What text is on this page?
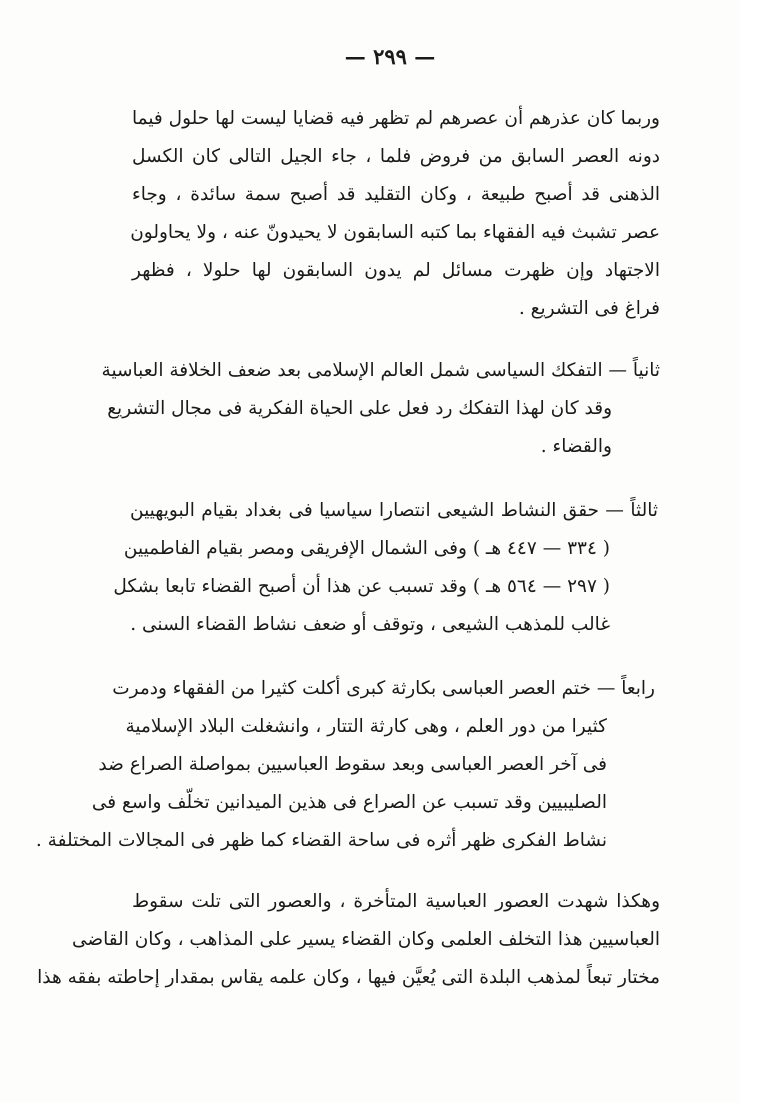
— ٢٩٩ —
وربما كان عذرهم أن عصرهم لم تظهر فيه قضايا ليست لها حلول فيما
دونه العصر السابق من فروض فلما ، جاء الجيل التالى كان الكسل
الذهنى قد أصبح طبيعة ، وكان التقليد قد أصبح سمة سائدة ، وجاء
عصر تشبث فيه الفقهاء بما كتبه السابقون لا يحيدونّ عنه ، ولا يحاولون
الاجتهاد وإن ظهرت مسائل لم يدون السابقون لها حلولا ، فظهر
فراغ فى التشريع .
ثانياً — التفكك السياسى شمل العالم الإسلامى بعد ضعف الخلافة العباسية
وقد كان لهذا التفكك رد فعل على الحياة الفكرية فى مجال التشريع
والقضاء .
ثالثاً — حقق النشاط الشيعى انتصارا سياسيا فى بغداد بقيام البويهيين
( ٣٣٤ — ٤٤٧ هـ ) وفى الشمال الإفريقى ومصر بقيام الفاطميين
( ٢٩٧ — ٥٦٤ هـ ) وقد تسبب عن هذا أن أصبح القضاء تابعا بشكل
غالب للمذهب الشيعى ، وتوقف أو ضعف نشاط القضاء السنى .
رابعاً — ختم العصر العباسى بكارثة كبرى أكلت كثيرا من الفقهاء ودمرت
كثيرا من دور العلم ، وهى كارثة التتار ، وانشغلت البلاد الإسلامية
فى آخر العصر العباسى وبعد سقوط العباسيين بمواصلة الصراع ضد
الصليبيين وقد تسبب عن الصراع فى هذين الميدانين تخلّف واسع فى
نشاط الفكرى ظهر أثره فى ساحة القضاء كما ظهر فى المجالات المختلفة .
وهكذا شهدت العصور العباسية المتأخرة ، والعصور التى تلت سقوط
العباسيين هذا التخلف العلمى وكان القضاء يسير على المذاهب ، وكان القاضى
مختار تبعاً لمذهب البلدة التى يُعيَّن فيها ، وكان علمه يقاس بمقدار إحاطته بفقه هذا
